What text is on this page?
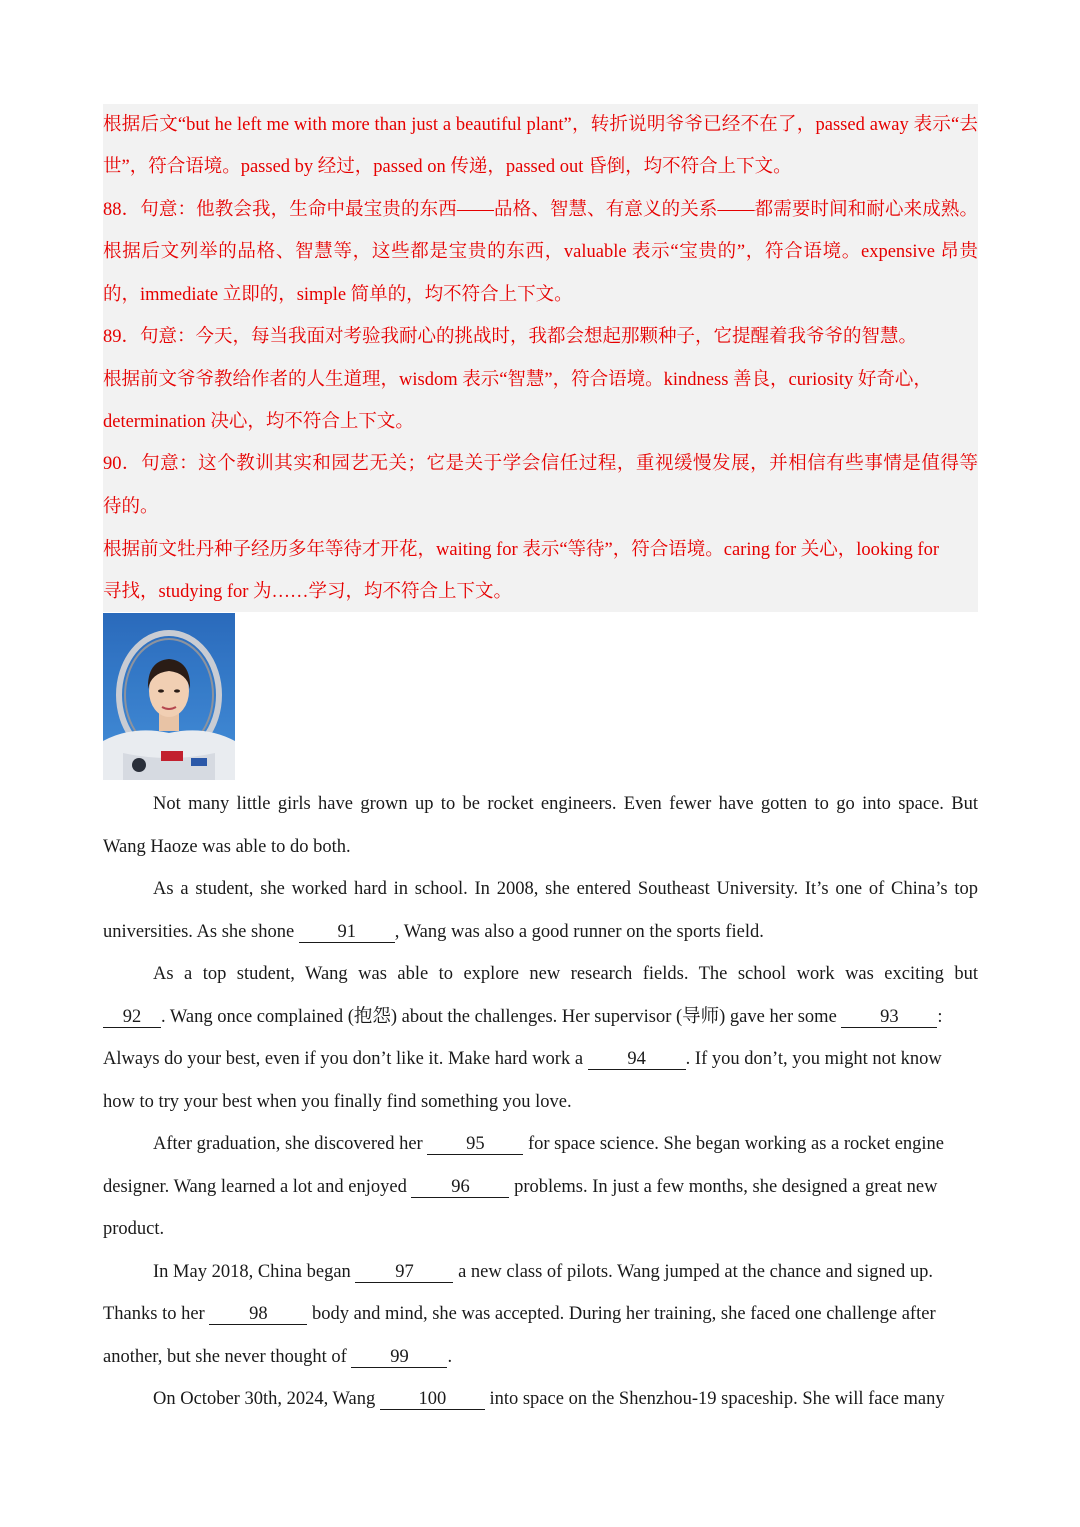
根据后文“but he left me with more than just a beautiful plant”，转折说明爷爷已经不在了，passed away 表示“去
世”，符合语境。passed by 经过，passed on 传递，passed out 昏倒，均不符合上下文。
88．句意：他教会我，生命中最宝贵的东西——品格、智慧、有意义的关系——都需要时间和耐心来成熟。
根据后文列举的品格、智慧等，这些都是宝贵的东西，valuable 表示“宝贵的”，符合语境。expensive 昂贵
的，immediate 立即的，simple 简单的，均不符合上下文。
89．句意：今天，每当我面对考验我耐心的挑战时，我都会想起那颗种子，它提醒着我爷爷的智慧。
根据前文爷爷教给作者的人生道理，wisdom 表示“智慧”，符合语境。kindness 善良，curiosity 好奇心，
determination 决心，均不符合上下文。
90．句意：这个教训其实和园艺无关；它是关于学会信任过程，重视缓慢发展，并相信有些事情是值得等
待的。
根据前文牡丹种子经历多年等待才开花，waiting for 表示“等待”，符合语境。caring for 关心，looking for
寻找，studying for 为……学习，均不符合上下文。
Not many little girls have grown up to be rocket engineers. Even fewer have gotten to go into space. But
Wang Haoze was able to do both.
As a student, she worked hard in school. In 2008, she entered Southeast University. It’s one of China’s top
universities. As she shone 91 , Wang was also a good runner on the sports field.
As a top student, Wang was able to explore new research fields. The school work was exciting but
92 . Wang once complained (抱怨) about the challenges. Her supervisor (导师) gave her some 93 :
Always do your best, even if you don’t like it. Make hard work a 94 . If you don’t, you might not know
how to try your best when you finally find something you love.
After graduation, she discovered her 95 for space science. She began working as a rocket engine
designer. Wang learned a lot and enjoyed 96 problems. In just a few months, she designed a great new
product.
In May 2018, China began 97 a new class of pilots. Wang jumped at the chance and signed up.
Thanks to her 98 body and mind, she was accepted. During her training, she faced one challenge after
another, but she never thought of 99 .
On October 30th, 2024, Wang 100 into space on the Shenzhou-19 spaceship. She will face many
